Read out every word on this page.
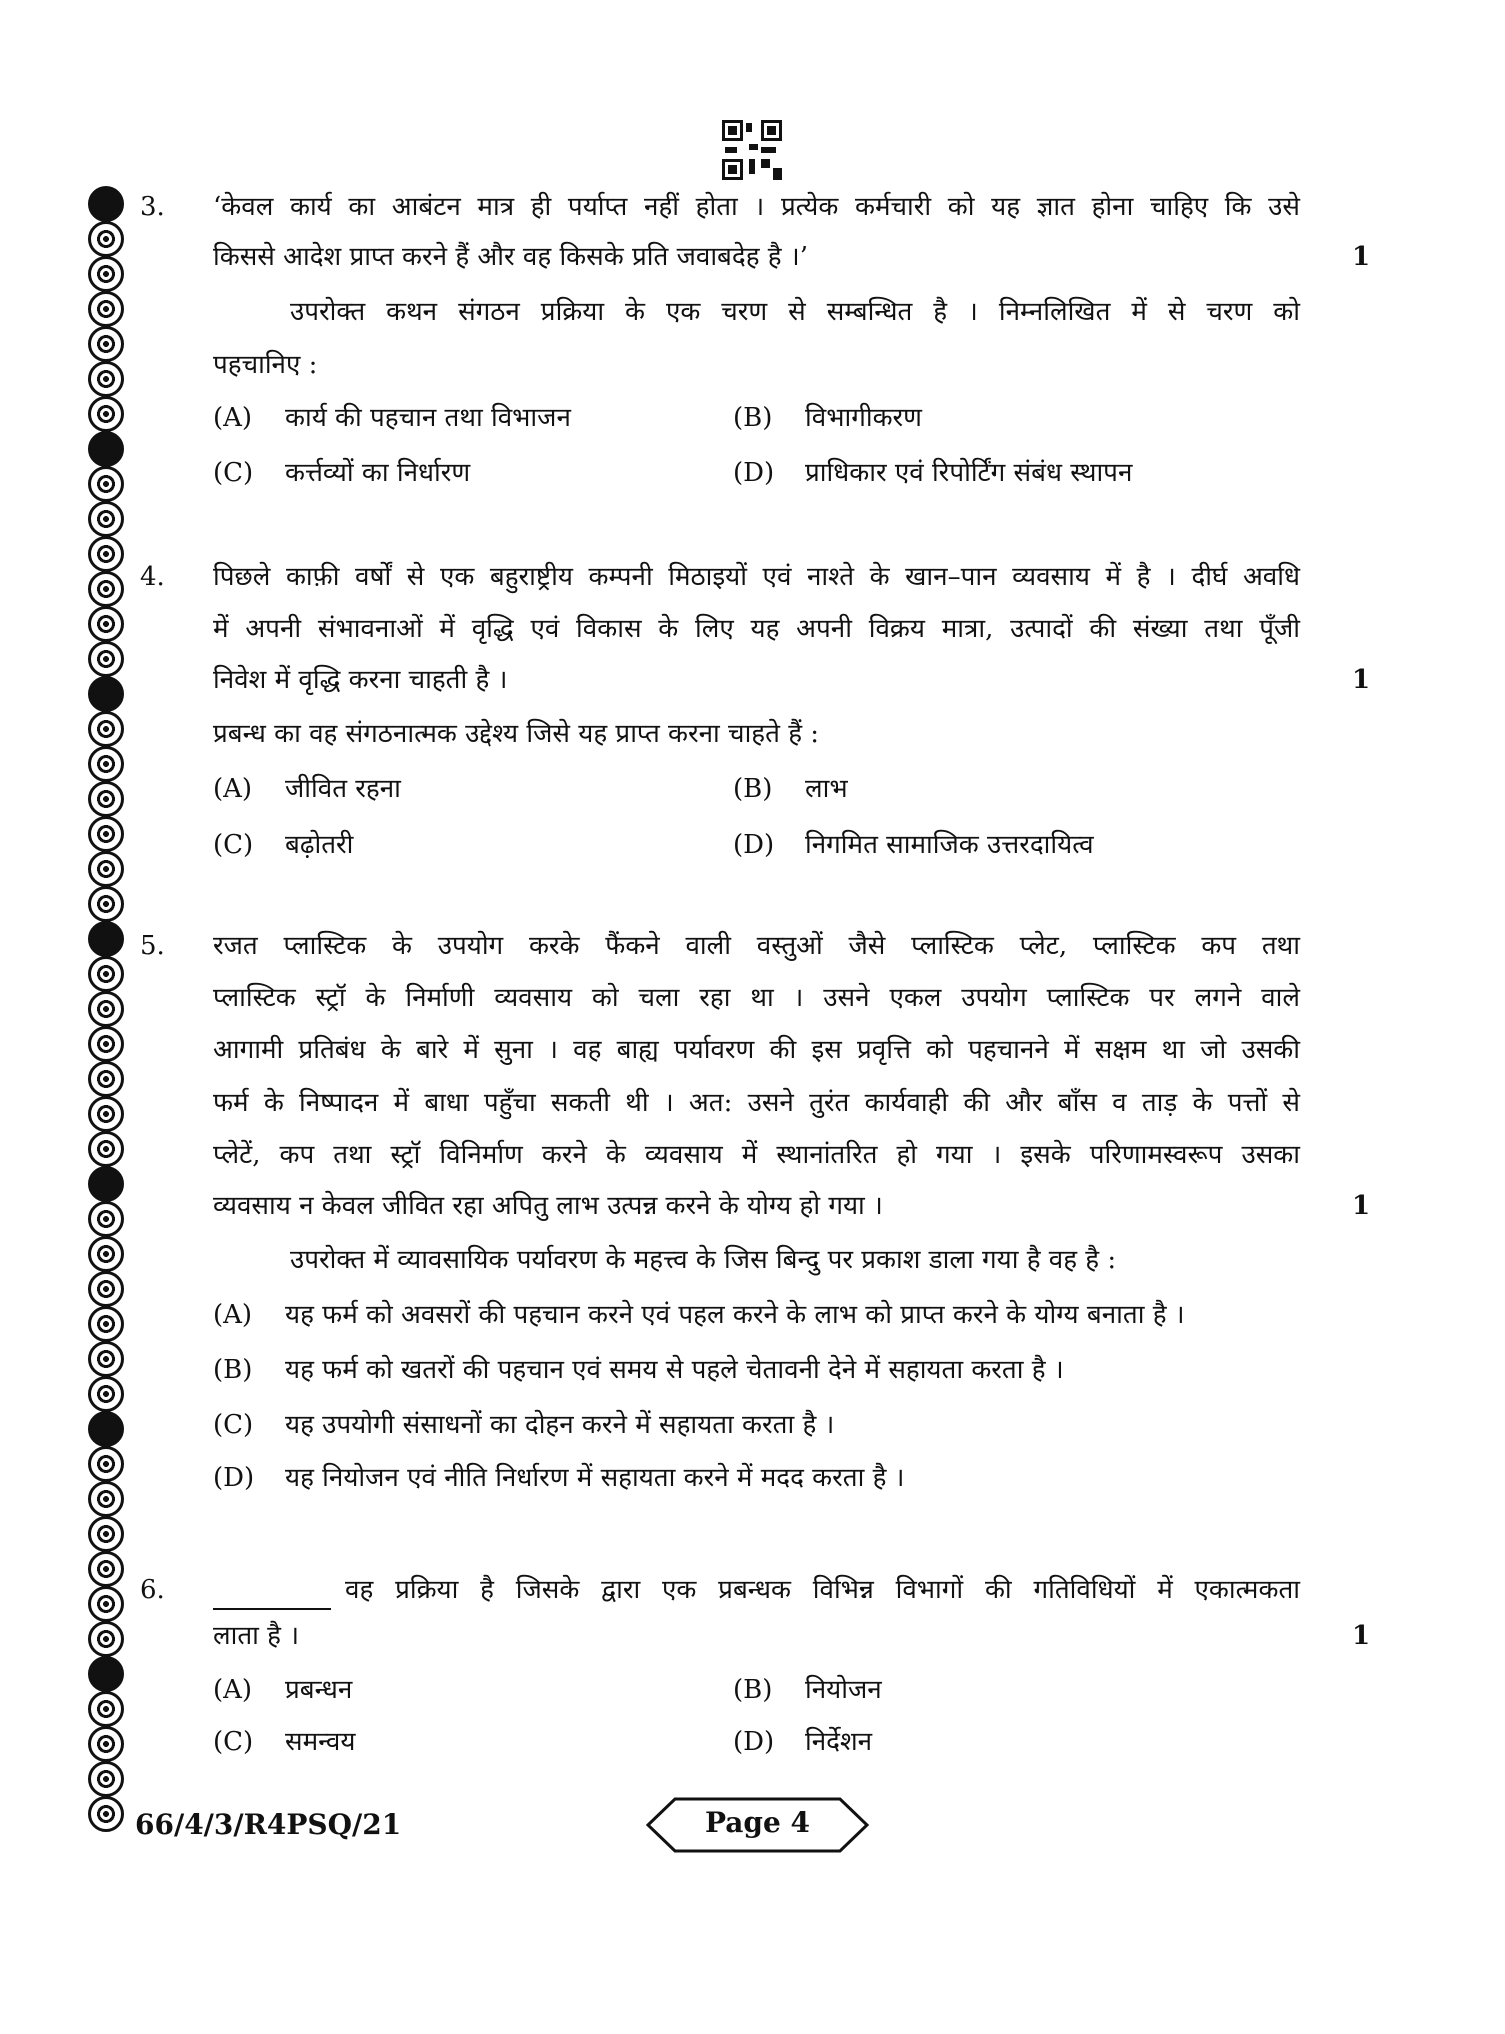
3. ‘केवल कार्य का आबंटन मात्र ही पर्याप्त नहीं होता । प्रत्येक कर्मचारी को यह ज्ञात होना चाहिए कि उसे
किससे आदेश प्राप्त करने हैं और वह किसके प्रति जवाबदेह है ।’	1
उपरोक्त कथन संगठन प्रक्रिया के एक चरण से सम्बन्धित है । निम्नलिखित में से चरण को
पहचानिए :
(A) कार्य की पहचान तथा विभाजन	(B) विभागीकरण
(C) कर्त्तव्यों का निर्धारण	(D) प्राधिकार एवं रिपोर्टिंग संबंध स्थापन
4. पिछले काफ़ी वर्षों से एक बहुराष्ट्रीय कम्पनी मिठाइयों एवं नाश्ते के खान–पान व्यवसाय में है । दीर्घ अवधि
में अपनी संभावनाओं में वृद्धि एवं विकास के लिए यह अपनी विक्रय मात्रा, उत्पादों की संख्या तथा पूँजी
निवेश में वृद्धि करना चाहती है ।	1
प्रबन्ध का वह संगठनात्मक उद्देश्य जिसे यह प्राप्त करना चाहते हैं :
(A) जीवित रहना	(B) लाभ
(C) बढ़ोतरी	(D) निगमित सामाजिक उत्तरदायित्व
5. रजत प्लास्टिक के उपयोग करके फैंकने वाली वस्तुओं जैसे प्लास्टिक प्लेट, प्लास्टिक कप तथा
प्लास्टिक स्ट्रॉ के निर्माणी व्यवसाय को चला रहा था । उसने एकल उपयोग प्लास्टिक पर लगने वाले
आगामी प्रतिबंध के बारे में सुना । वह बाह्य पर्यावरण की इस प्रवृत्ति को पहचानने में सक्षम था जो उसकी
फर्म के निष्पादन में बाधा पहुँचा सकती थी । अत: उसने तुरंत कार्यवाही की और बाँस व ताड़ के पत्तों से
प्लेटें, कप तथा स्ट्रॉ विनिर्माण करने के व्यवसाय में स्थानांतरित हो गया । इसके परिणामस्वरूप उसका
व्यवसाय न केवल जीवित रहा अपितु लाभ उत्पन्न करने के योग्य हो गया ।	1
उपरोक्त में व्यावसायिक पर्यावरण के महत्त्व के जिस बिन्दु पर प्रकाश डाला गया है वह है :
(A) यह फर्म को अवसरों की पहचान करने एवं पहल करने के लाभ को प्राप्त करने के योग्य बनाता है ।
(B) यह फर्म को खतरों की पहचान एवं समय से पहले चेतावनी देने में सहायता करता है ।
(C) यह उपयोगी संसाधनों का दोहन करने में सहायता करता है ।
(D) यह नियोजन एवं नीति निर्धारण में सहायता करने में मदद करता है ।
6.	वह प्रक्रिया है जिसके द्वारा एक प्रबन्धक विभिन्न विभागों की गतिविधियों में एकात्मकता
लाता है ।	1
(A) प्रबन्धन	(B) नियोजन
(C) समन्वय	(D) निर्देशन
66/4/3/R4PSQ/21	Page 4
